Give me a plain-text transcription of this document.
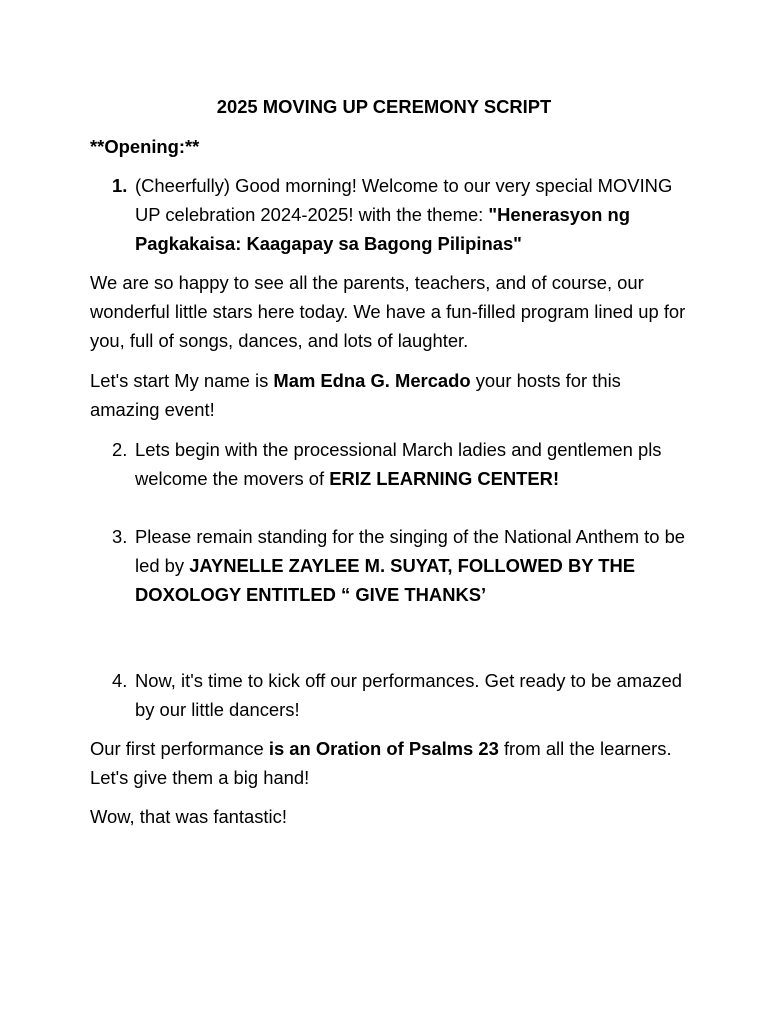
2025 MOVING UP CEREMONY SCRIPT

**Opening:**

1. (Cheerfully) Good morning! Welcome to our very special MOVING UP celebration 2024-2025! with the theme: "Henerasyon ng Pagkakaisa: Kaagapay sa Bagong Pilipinas"

We are so happy to see all the parents, teachers, and of course, our wonderful little stars here today. We have a fun-filled program lined up for you, full of songs, dances, and lots of laughter.

Let's start My name is Mam Edna G. Mercado your hosts for this amazing event!

2. Lets begin with the processional March ladies and gentlemen pls welcome the movers of ERIZ LEARNING CENTER!
3. Please remain standing for the singing of the National Anthem to be led by JAYNELLE ZAYLEE M. SUYAT, FOLLOWED BY THE DOXOLOGY ENTITLED “ GIVE THANKS’
4. Now, it's time to kick off our performances. Get ready to be amazed by our little dancers!

Our first performance is an Oration of Psalms 23 from all the learners. Let's give them a big hand!

Wow, that was fantastic!
